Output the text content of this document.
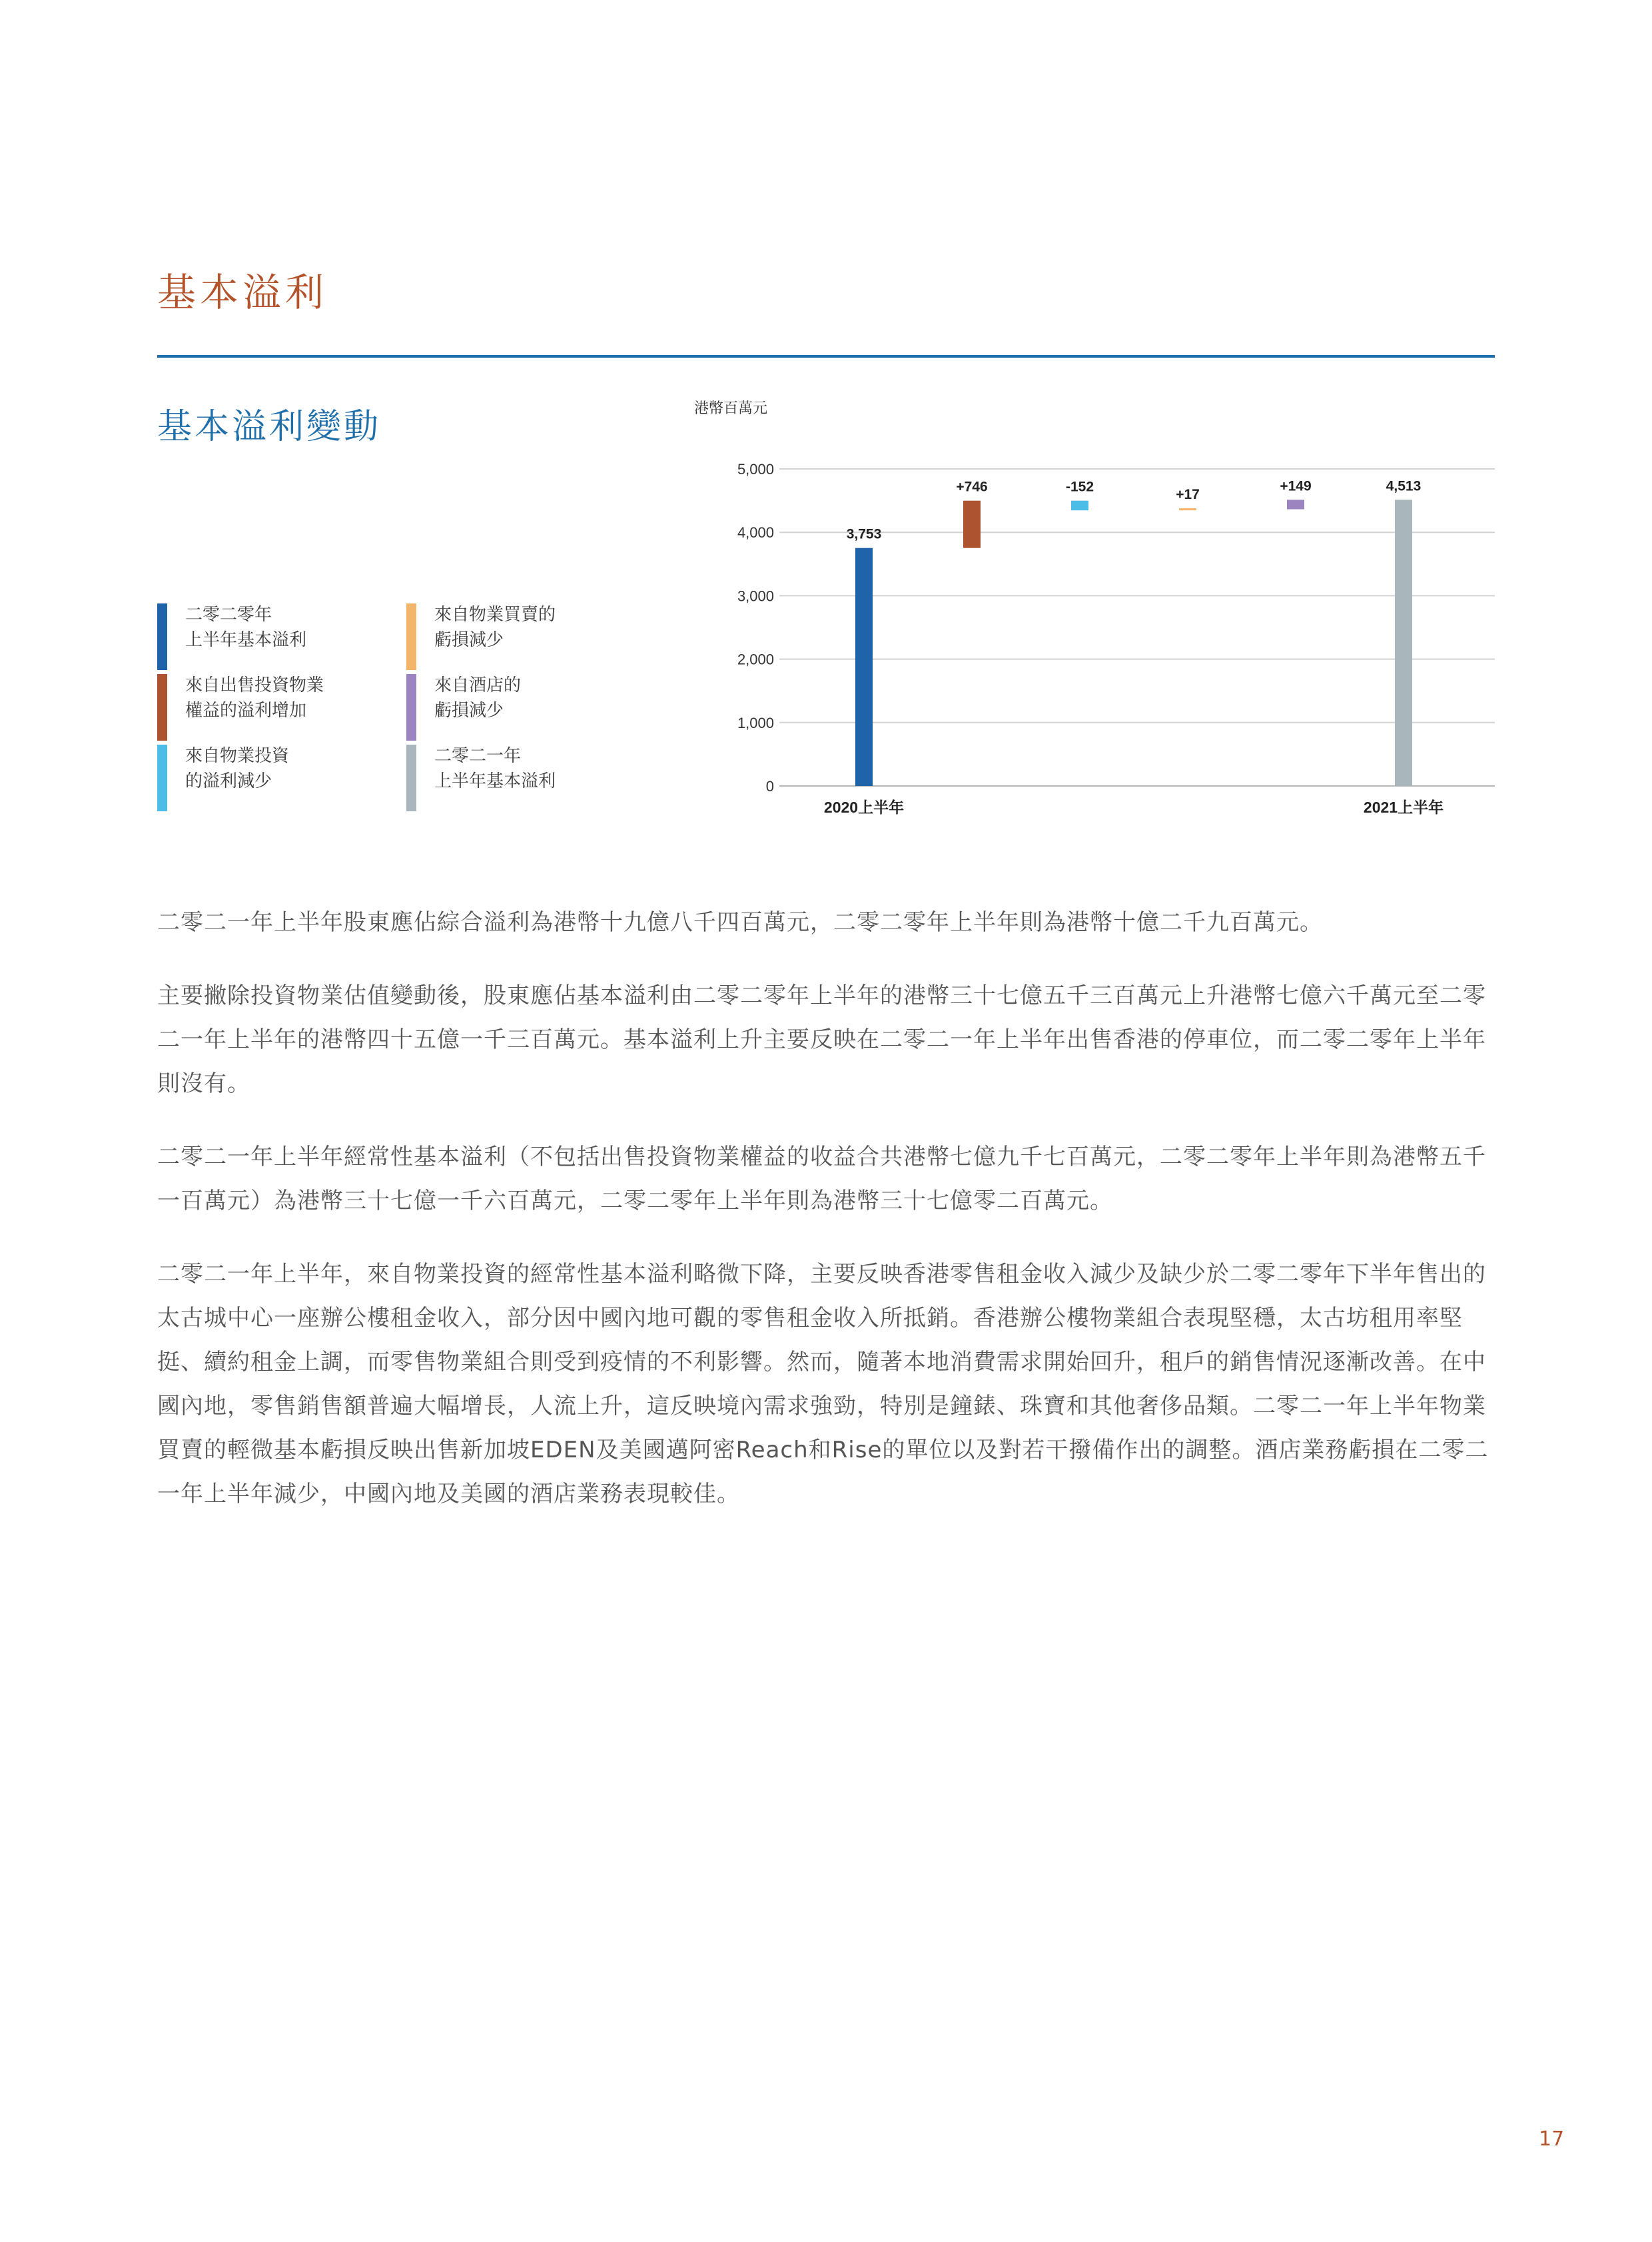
基本溢利
基本溢利變動
二零二零年
上半年基本溢利
來自出售投資物業
權益的溢利增加
來自物業投資
的溢利減少
來自物業買賣的
虧損減少
來自酒店的
虧損減少
二零二一年
上半年基本溢利
港幣百萬元
0
1,000
2,000
3,000
4,000
5,000
3,753
2020上半年
+746	-152	+17
+149	4,513
2021上半年

二零二一年上半年股東應佔綜合溢利為港幣十九億八千四百萬元，二零二零年上半年則為港幣十億二千九百萬元。

主要撇除投資物業估值變動後，股東應佔基本溢利由二零二零年上半年的港幣三十七億五千三百萬元上升港幣七億六千萬元至二零二一年上半年的港幣四十五億一千三百萬元。基本溢利上升主要反映在二零二一年上半年出售香港的停車位，而二零二零年上半年則沒有。

二零二一年上半年經常性基本溢利（不包括出售投資物業權益的收益合共港幣七億九千七百萬元，二零二零年上半年則為港幣五千一百萬元）為港幣三十七億一千六百萬元，二零二零年上半年則為港幣三十七億零二百萬元。

二零二一年上半年，來自物業投資的經常性基本溢利略微下降，主要反映香港零售租金收入減少及缺少於二零二零年下半年售出的太古城中心一座辦公樓租金收入，部分因中國內地可觀的零售租金收入所抵銷。香港辦公樓物業組合表現堅穩，太古坊租用率堅挺、續約租金上調，而零售物業組合則受到疫情的不利影響。然而，隨著本地消費需求開始回升，租戶的銷售情況逐漸改善。在中國內地，零售銷售額普遍大幅增長，人流上升，這反映境內需求強勁，特別是鐘錶、珠寶和其他奢侈品類。二零二一年上半年物業買賣的輕微基本虧損反映出售新加坡EDEN及美國邁阿密Reach和Rise的單位以及對若干撥備作出的調整。酒店業務虧損在二零二一年上半年減少，中國內地及美國的酒店業務表現較佳。

17
